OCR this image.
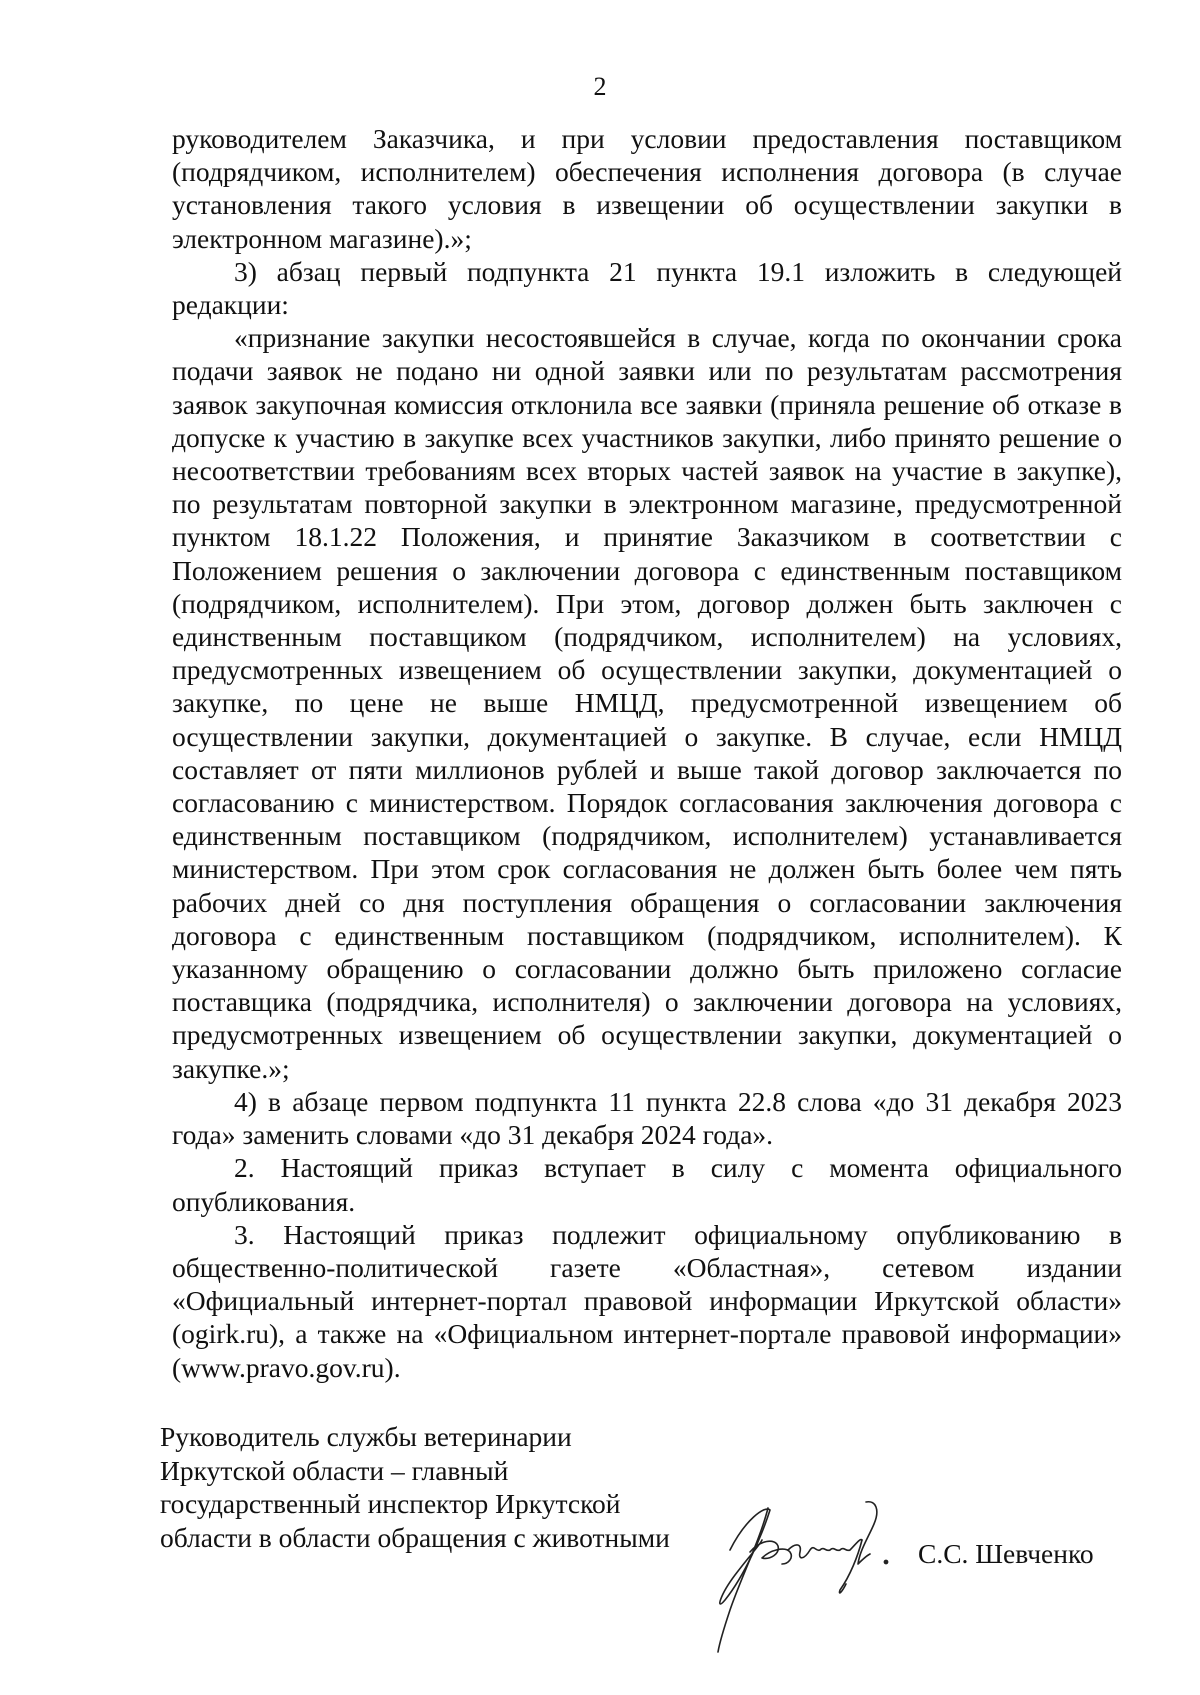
2

руководителем Заказчика, и при условии предоставления поставщиком (подрядчиком, исполнителем) обеспечения исполнения договора (в случае установления такого условия в извещении об осуществлении закупки в электронном магазине).»;

3) абзац первый подпункта 21 пункта 19.1 изложить в следующей редакции:

«признание закупки несостоявшейся в случае, когда по окончании срока подачи заявок не подано ни одной заявки или по результатам рассмотрения заявок закупочная комиссия отклонила все заявки (приняла решение об отказе в допуске к участию в закупке всех участников закупки, либо принято решение о несоответствии требованиям всех вторых частей заявок на участие в закупке), по результатам повторной закупки в электронном магазине, предусмотренной пунктом 18.1.22 Положения, и принятие Заказчиком в соответствии с Положением решения о заключении договора с единственным поставщиком (подрядчиком, исполнителем). При этом, договор должен быть заключен с единственным поставщиком (подрядчиком, исполнителем) на условиях, предусмотренных извещением об осуществлении закупки, документацией о закупке, по цене не выше НМЦД, предусмотренной извещением об осуществлении закупки, документацией о закупке. В случае, если НМЦД составляет от пяти миллионов рублей и выше такой договор заключается по согласованию с министерством. Порядок согласования заключения договора с единственным поставщиком (подрядчиком, исполнителем) устанавливается министерством. При этом срок согласования не должен быть более чем пять рабочих дней со дня поступления обращения о согласовании заключения договора с единственным поставщиком (подрядчиком, исполнителем). К указанному обращению о согласовании должно быть приложено согласие поставщика (подрядчика, исполнителя) о заключении договора на условиях, предусмотренных извещением об осуществлении закупки, документацией о закупке.»;

4) в абзаце первом подпункта 11 пункта 22.8 слова «до 31 декабря 2023 года» заменить словами «до 31 декабря 2024 года».

2. Настоящий приказ вступает в силу с момента официального опубликования.

3. Настоящий приказ подлежит официальному опубликованию в общественно-политической газете «Областная», сетевом издании «Официальный интернет-портал правовой информации Иркутской области» (ogirk.ru), а также на «Официальном интернет-портале правовой информации» (www.pravo.gov.ru).

Руководитель службы ветеринарии

Иркутской области – главный

государственный инспектор Иркутской

области в области обращения с животными

С.С. Шевченко
